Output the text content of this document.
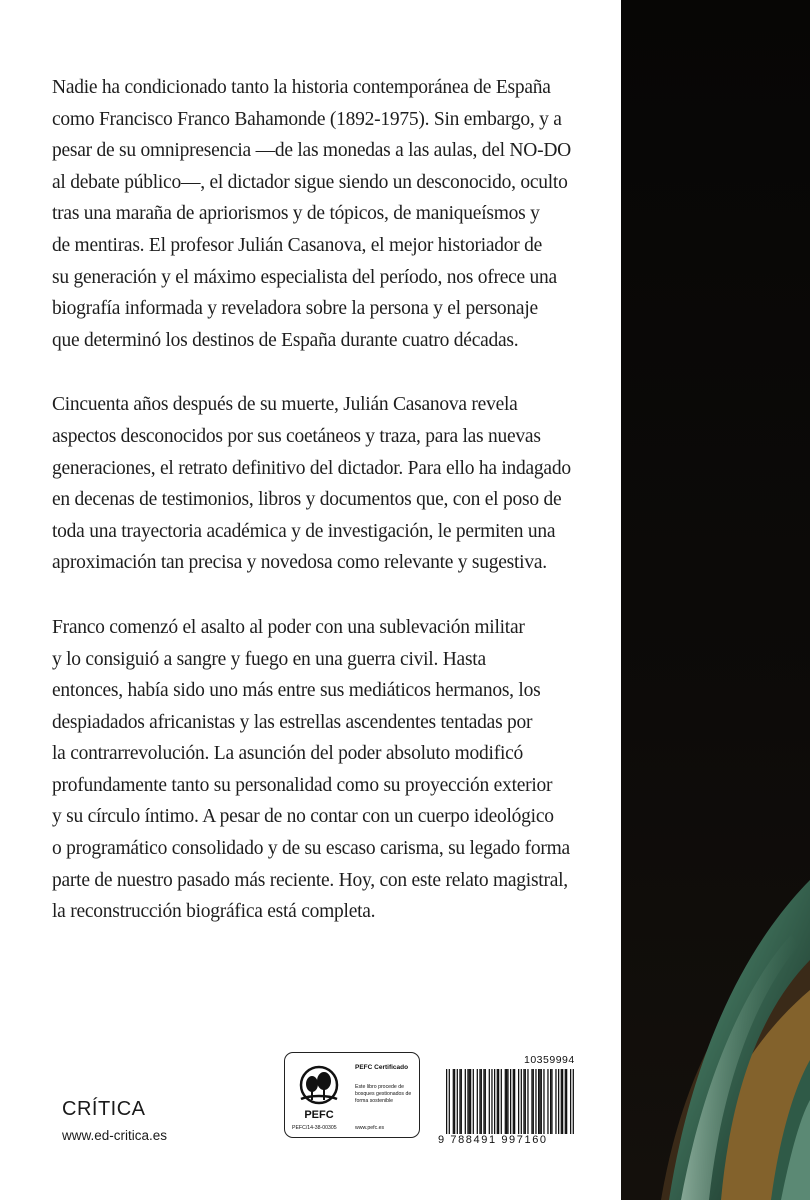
Nadie ha condicionado tanto la historia contemporánea de España
como Francisco Franco Bahamonde (1892-1975). Sin embargo, y a
pesar de su omnipresencia —de las monedas a las aulas, del NO-DO
al debate público—, el dictador sigue siendo un desconocido, oculto
tras una maraña de apriorismos y de tópicos, de maniqueísmos y
de mentiras. El profesor Julián Casanova, el mejor historiador de
su generación y el máximo especialista del período, nos ofrece una
biografía informada y reveladora sobre la persona y el personaje
que determinó los destinos de España durante cuatro décadas.

Cincuenta años después de su muerte, Julián Casanova revela
aspectos desconocidos por sus coetáneos y traza, para las nuevas
generaciones, el retrato definitivo del dictador. Para ello ha indagado
en decenas de testimonios, libros y documentos que, con el poso de
toda una trayectoria académica y de investigación, le permiten una
aproximación tan precisa y novedosa como relevante y sugestiva.

Franco comenzó el asalto al poder con una sublevación militar
y lo consiguió a sangre y fuego en una guerra civil. Hasta
entonces, había sido uno más entre sus mediáticos hermanos, los
despiadados africanistas y las estrellas ascendentes tentadas por
la contrarrevolución. La asunción del poder absoluto modificó
profundamente tanto su personalidad como su proyección exterior
y su círculo íntimo. A pesar de no contar con un cuerpo ideológico
o programático consolidado y de su escaso carisma, su legado forma
parte de nuestro pasado más reciente. Hoy, con este relato magistral,
la reconstrucción biográfica está completa.

CRÍTICA
www.ed-critica.es
PEFC
PEFC Certificado
Este libro procede de bosques gestionados de forma sostenible
PEFC/14-38-00305	www.pefc.es
10359994
9 788491 997160
